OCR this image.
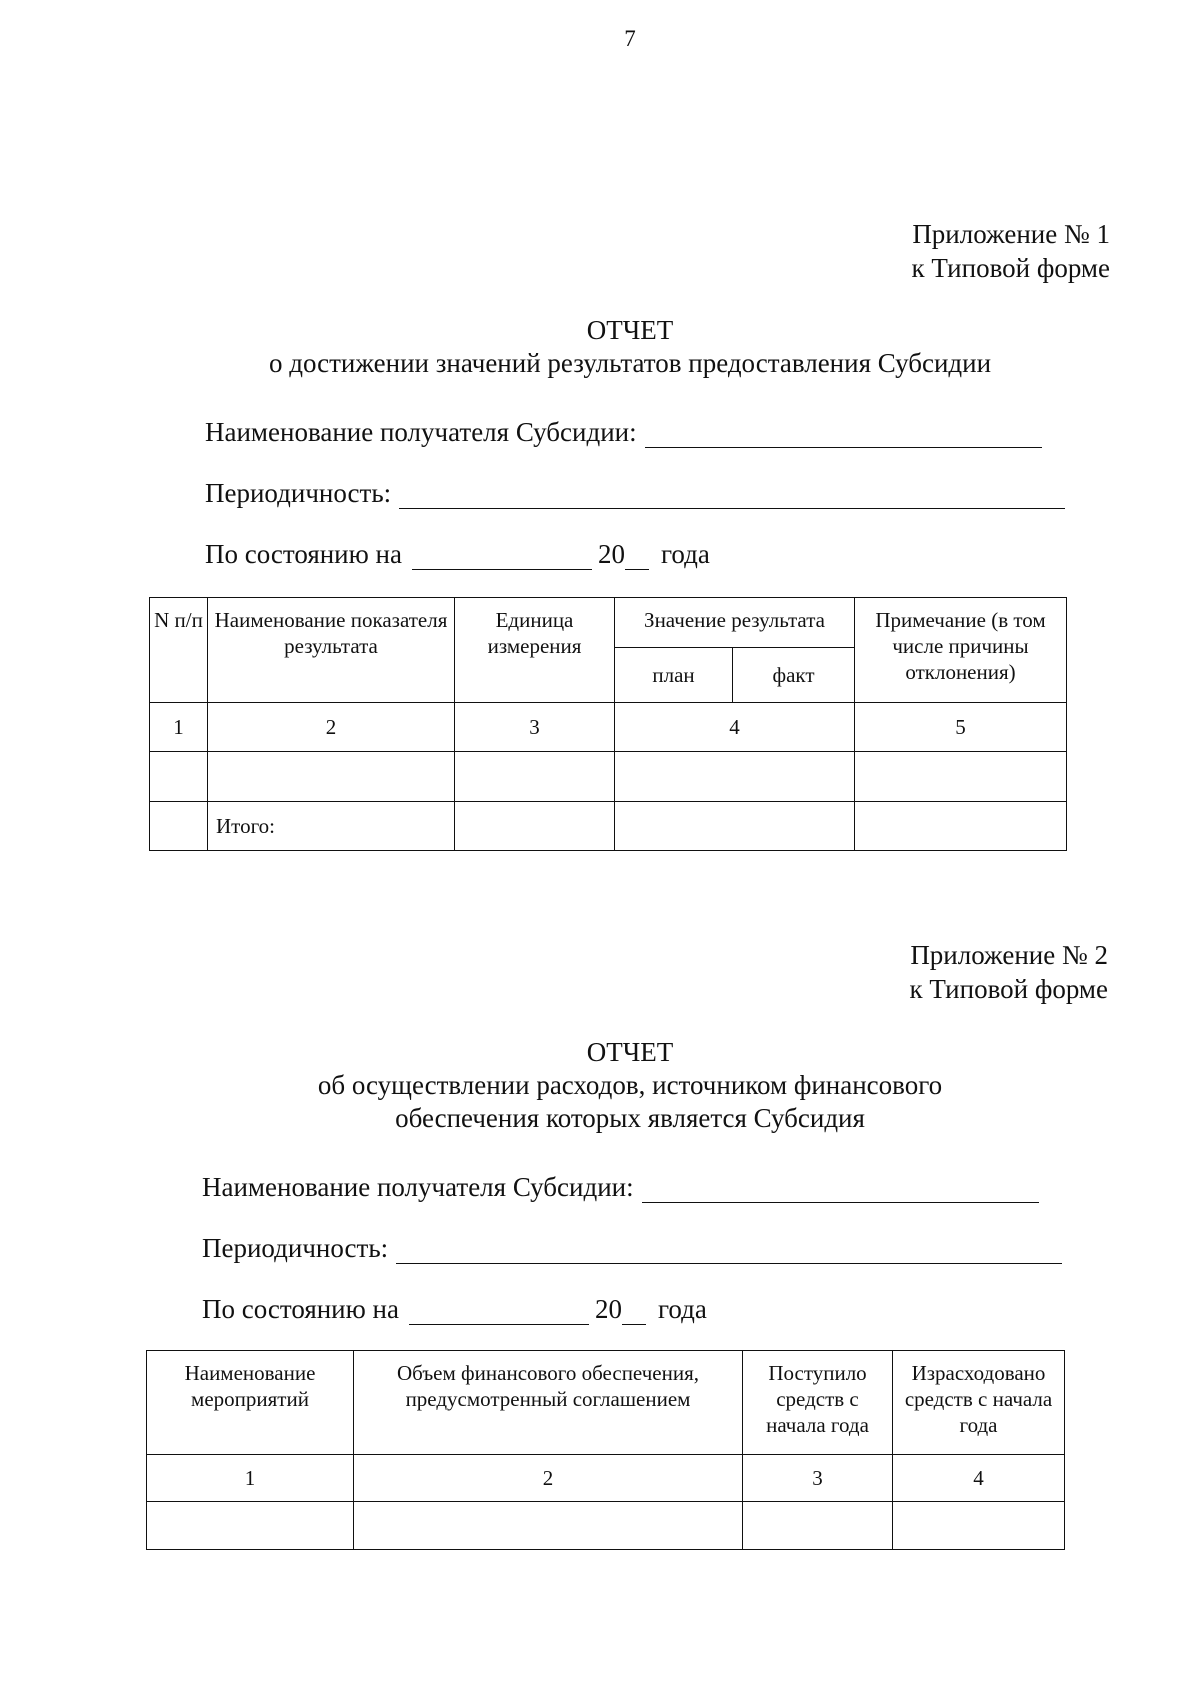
7
Приложение № 1
к Типовой форме
ОТЧЕТ
о достижении значений результатов предоставления Субсидии
Наименование получателя Субсидии:
Периодичность:
По состоянию на	20 года
N п/п	Наименование показателя результата	Единица измерения	Значение результата		Примечание (в том числе причины отклонения)
			план	факт	
1	2	3	4		5

	Итого:				
Приложение № 2
к Типовой форме
ОТЧЕТ
об осуществлении расходов, источником финансового
обеспечения которых является Субсидия
Наименование получателя Субсидии:
Периодичность:
По состоянию на	20 года
Наименование мероприятий	Объем финансового обеспечения, предусмотренный соглашением	Поступило средств с начала года	Израсходовано средств с начала года
1	2	3	4
